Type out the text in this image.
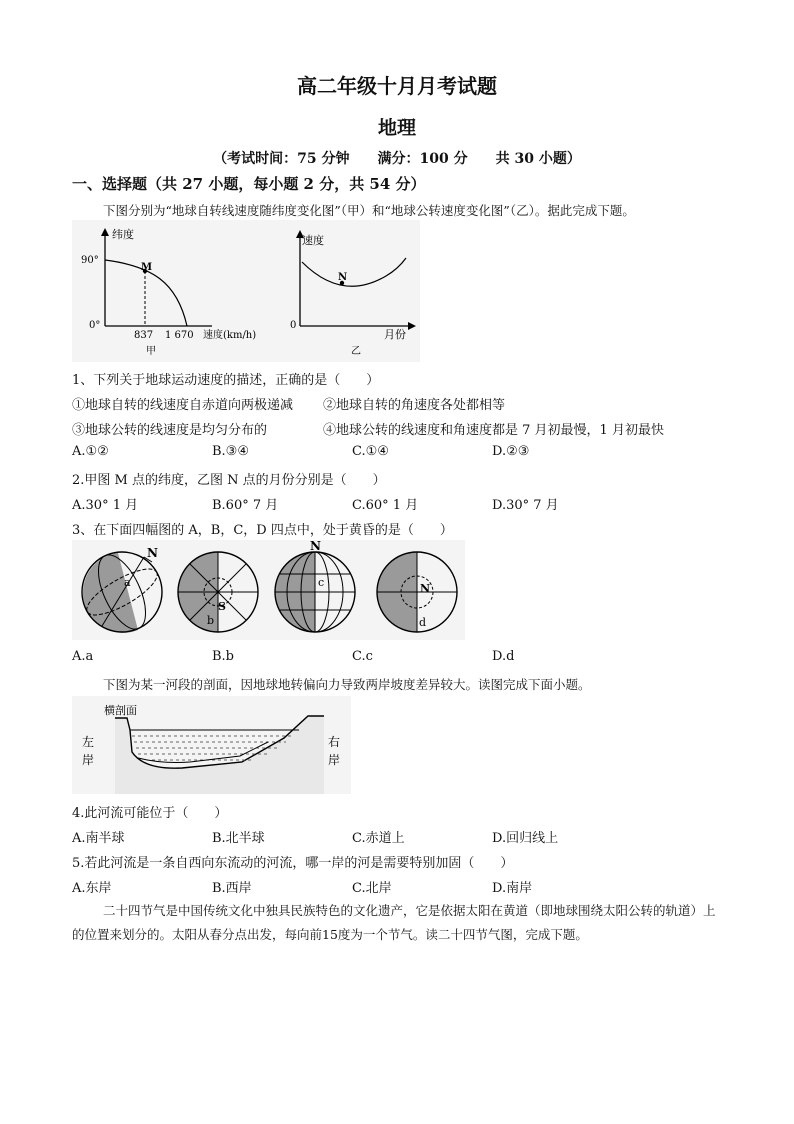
高二年级十月月考试题
地理
（考试时间：75 分钟　　满分：100 分　　共 30 小题）
一、选择题（共 27 小题，每小题 2 分，共 54 分）
下图分别为“地球自转线速度随纬度变化图”（甲）和“地球公转速度变化图”（乙）。据此完成下题。
纬度
90°
0°
M
837 1 670 速度(km/h)
甲
速度
0
N
月份
乙
1、下列关于地球运动速度的描述，正确的是（　　）
①地球自转的线速度自赤道向两极递减 ②地球自转的角速度各处都相等
③地球公转的线速度是均匀分布的	④地球公转的线速度和角速度都是 7 月初最慢，1 月初最快
A.①②	B.③④	C.①④	D.②③
2.甲图 M 点的纬度，乙图 N 点的月份分别是（　　）
A.30° 1 月	B.60° 7 月	C.60° 1 月	D.30° 7 月
3、在下面四幅图的 A，B，C，D 四点中，处于黄昏的是（　　）
N
a
S
b
N
c	N
d
A.a	B.b	C.c	D.d
下图为某一河段的剖面，因地球地转偏向力导致两岸坡度差异较大。读图完成下面小题。
横剖面
左
岸
右
岸
4.此河流可能位于（　　）
A.南半球	B.北半球	C.赤道上	D.回归线上
5.若此河流是一条自西向东流动的河流，哪一岸的河是需要特别加固（　　）
A.东岸	B.西岸	C.北岸	D.南岸
二十四节气是中国传统文化中独具民族特色的文化遗产，它是依据太阳在黄道（即地球围绕太阳公转的轨道）上的位置来划分的。太阳从春分点出发，每向前15度为一个节气。读二十四节气图，完成下题。
